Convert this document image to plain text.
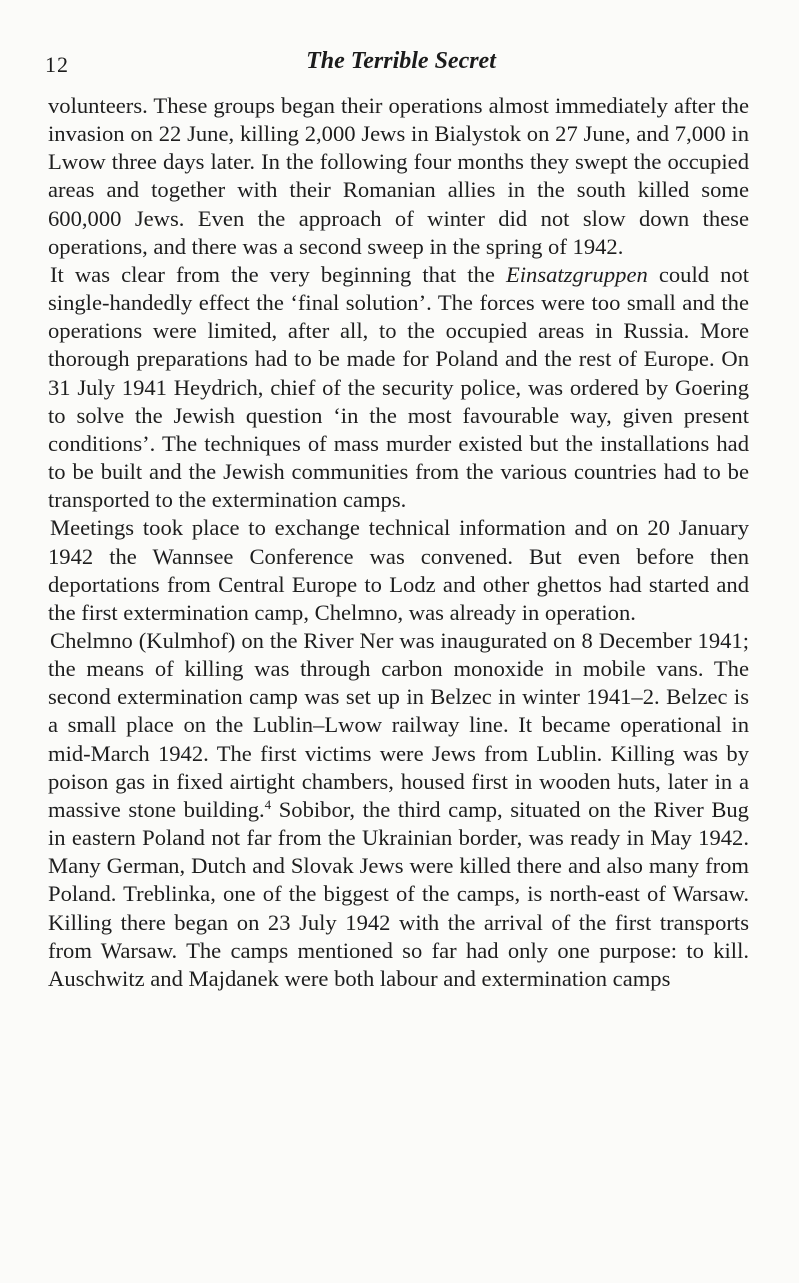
12	The Terrible Secret

volunteers. These groups began their operations almost immediately after the invasion on 22 June, killing 2,000 Jews in Bialystok on 27 June, and 7,000 in Lwow three days later. In the following four months they swept the occupied areas and together with their Romanian allies in the south killed some 600,000 Jews. Even the approach of winter did not slow down these operations, and there was a second sweep in the spring of 1942.

It was clear from the very beginning that the Einsatzgruppen could not single-handedly effect the ‘final solution’. The forces were too small and the operations were limited, after all, to the occupied areas in Russia. More thorough preparations had to be made for Poland and the rest of Europe. On 31 July 1941 Heydrich, chief of the security police, was ordered by Goering to solve the Jewish question ‘in the most favourable way, given present conditions’. The techniques of mass murder existed but the installations had to be built and the Jewish communities from the various countries had to be transported to the extermination camps.

Meetings took place to exchange technical information and on 20 January 1942 the Wannsee Conference was convened. But even before then deportations from Central Europe to Lodz and other ghettos had started and the first extermination camp, Chelmno, was already in operation.

Chelmno (Kulmhof) on the River Ner was inaugurated on 8 December 1941; the means of killing was through carbon monoxide in mobile vans. The second extermination camp was set up in Belzec in winter 1941–2. Belzec is a small place on the Lublin–Lwow railway line. It became operational in mid-March 1942. The first victims were Jews from Lublin. Killing was by poison gas in fixed airtight chambers, housed first in wooden huts, later in a massive stone building.$^4$ Sobibor, the third camp, situated on the River Bug in eastern Poland not far from the Ukrainian border, was ready in May 1942. Many German, Dutch and Slovak Jews were killed there and also many from Poland. Treblinka, one of the biggest of the camps, is north-east of Warsaw. Killing there began on 23 July 1942 with the arrival of the first transports from Warsaw. The camps mentioned so far had only one purpose: to kill. Auschwitz and Majdanek were both labour and extermination camps
